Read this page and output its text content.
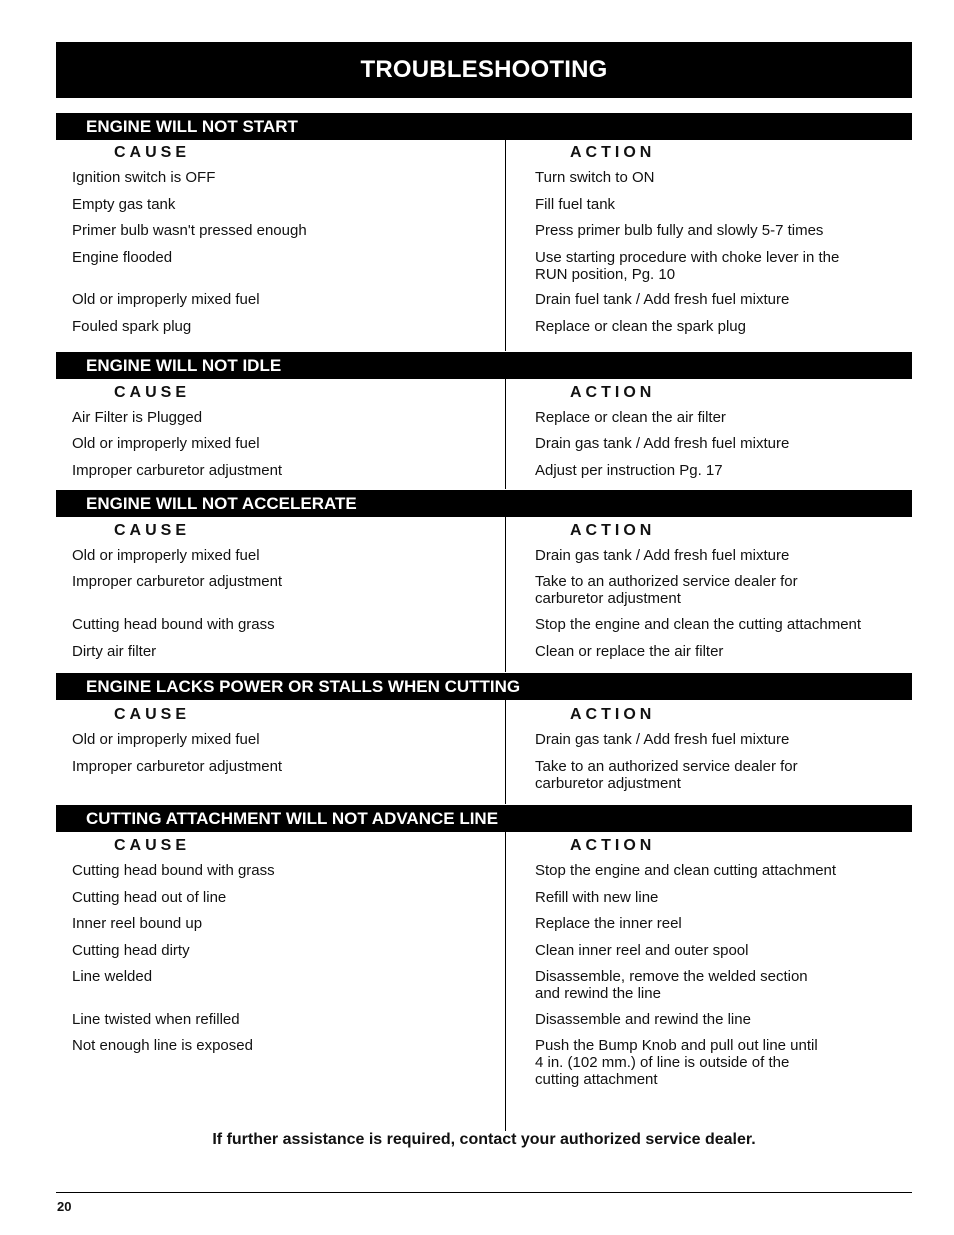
TROUBLESHOOTING
ENGINE WILL NOT START
CAUSE	ACTION
Ignition switch is OFF	Turn switch to ON
Empty gas tank	Fill fuel tank
Primer bulb wasn't pressed enough	Press primer bulb fully and slowly 5-7 times
Engine flooded	Use starting procedure with choke lever in the
RUN position, Pg. 10
Old or improperly mixed fuel	Drain fuel tank / Add fresh fuel mixture
Fouled spark plug	Replace or clean the spark plug
ENGINE WILL NOT IDLE
CAUSE	ACTION
Air Filter is Plugged	Replace or clean the air filter
Old or improperly mixed fuel	Drain gas tank / Add fresh fuel mixture
Improper carburetor adjustment	Adjust per instruction Pg. 17
ENGINE WILL NOT ACCELERATE
CAUSE	ACTION
Old or improperly mixed fuel	Drain gas tank / Add fresh fuel mixture
Improper carburetor adjustment	Take to an authorized service dealer for
carburetor adjustment
Cutting head bound with grass	Stop the engine and clean the cutting attachment
Dirty air filter	Clean or replace the air filter
ENGINE LACKS POWER OR STALLS WHEN CUTTING
CAUSE	ACTION
Old or improperly mixed fuel	Drain gas tank / Add fresh fuel mixture
Improper carburetor adjustment	Take to an authorized service dealer for
carburetor adjustment
CUTTING ATTACHMENT WILL NOT ADVANCE LINE
CAUSE	ACTION
Cutting head bound with grass	Stop the engine and clean cutting attachment
Cutting head out of line	Refill with new line
Inner reel bound up	Replace the inner reel
Cutting head dirty	Clean inner reel and outer spool
Line welded	Disassemble, remove the welded section
and rewind the line
Line twisted when refilled	Disassemble and rewind the line
Not enough line is exposed	Push the Bump Knob and pull out line until
4 in. (102 mm.) of line is outside of the
cutting attachment
If further assistance is required, contact your authorized service dealer.
20
